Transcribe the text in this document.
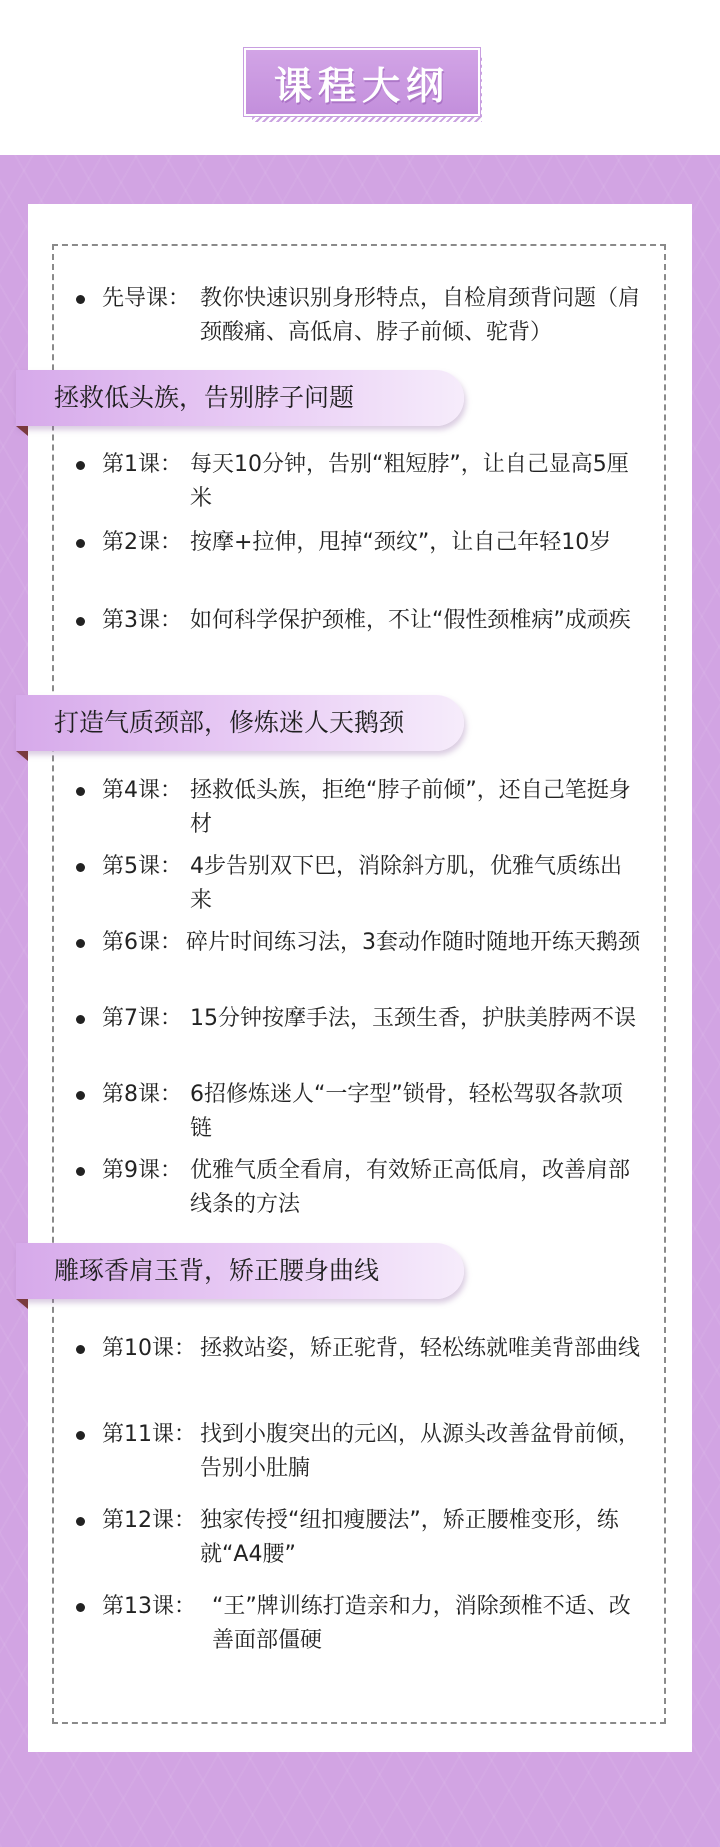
课程大纲
先导课： 教你快速识别身形特点，自检肩颈背问题（肩颈酸痛、高低肩、脖子前倾、驼背）
拯救低头族，告别脖子问题
第1课： 每天10分钟，告别“粗短脖”，让自己显高5厘米
第2课： 按摩+拉伸，甩掉“颈纹”，让自己年轻10岁
第3课： 如何科学保护颈椎，不让“假性颈椎病”成顽疾
打造气质颈部，修炼迷人天鹅颈
第4课： 拯救低头族，拒绝“脖子前倾”，还自己笔挺身材
第5课： 4步告别双下巴，消除斜方肌，优雅气质练出来
第6课： 碎片时间练习法，3套动作随时随地开练天鹅颈
第7课： 15分钟按摩手法，玉颈生香，护肤美脖两不误
第8课： 6招修炼迷人“一字型”锁骨，轻松驾驭各款项链
第9课： 优雅气质全看肩，有效矫正高低肩，改善肩部线条的方法
雕琢香肩玉背，矫正腰身曲线
第10课： 拯救站姿，矫正驼背，轻松练就唯美背部曲线
第11课： 找到小腹突出的元凶，从源头改善盆骨前倾，告别小肚腩
第12课： 独家传授“纽扣瘦腰法”，矫正腰椎变形，练就“A4腰”
第13课： “王”牌训练打造亲和力，消除颈椎不适、改善面部僵硬
